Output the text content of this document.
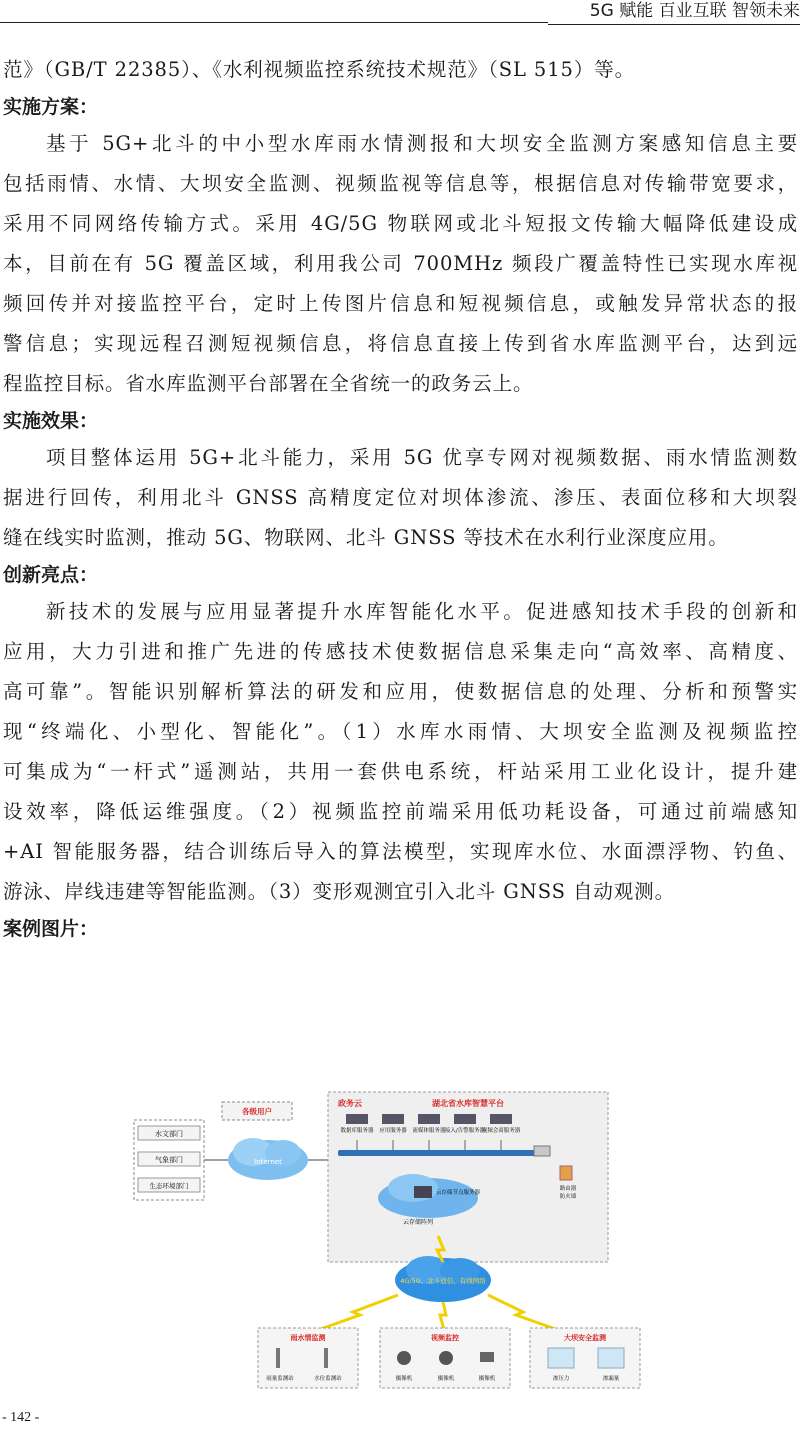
5G 赋能 百业互联 智领未来
范》（GB/T 22385）、《水利视频监控系统技术规范》（SL 515）等。
实施方案：
基于 5G+北斗的中小型水库雨水情测报和大坝安全监测方案感知信息主要
包括雨情、水情、大坝安全监测、视频监视等信息等，根据信息对传输带宽要求，
采用不同网络传输方式。采用 4G/5G 物联网或北斗短报文传输大幅降低建设成
本，目前在有 5G 覆盖区域，利用我公司 700MHz 频段广覆盖特性已实现水库视
频回传并对接监控平台，定时上传图片信息和短视频信息，或触发异常状态的报
警信息；实现远程召测短视频信息，将信息直接上传到省水库监测平台，达到远
程监控目标。省水库监测平台部署在全省统一的政务云上。
实施效果：
项目整体运用 5G+北斗能力，采用 5G 优享专网对视频数据、雨水情监测数
据进行回传，利用北斗 GNSS 高精度定位对坝体渗流、渗压、表面位移和大坝裂
缝在线实时监测，推动 5G、物联网、北斗 GNSS 等技术在水利行业深度应用。
创新亮点：
新技术的发展与应用显著提升水库智能化水平。促进感知技术手段的创新和
应用，大力引进和推广先进的传感技术使数据信息采集走向“高效率、高精度、
高可靠”。智能识别解析算法的研发和应用，使数据信息的处理、分析和预警实
现“终端化、小型化、智能化”。（1）水库水雨情、大坝安全监测及视频监控
可集成为“一杆式”遥测站，共用一套供电系统，杆站采用工业化设计，提升建
设效率，降低运维强度。（2）视频监控前端采用低功耗设备，可通过前端感知
+AI 智能服务器，结合训练后导入的算法模型，实现库水位、水面漂浮物、钓鱼、
游泳、岸线违建等智能监测。（3）变形观测宜引入北斗 GNSS 自动观测。
案例图片：
水文部门
气象部门
生态环境部门
各级用户
Internet
政务云	湖北省水库智慧平台
数据库服务器 应用服务器 流媒体服务器 接入/告警服务器
视频会商服务器
路由器
防火墙
云存储节点服务器
云存储阵列
4G/5G、北斗通信、有线网络
雨水情监测
雨量监测站	水位监测站
视频监控
摄像机	摄像机	摄像机
大坝安全监测
渗压力	渗漏量
- 142 -
